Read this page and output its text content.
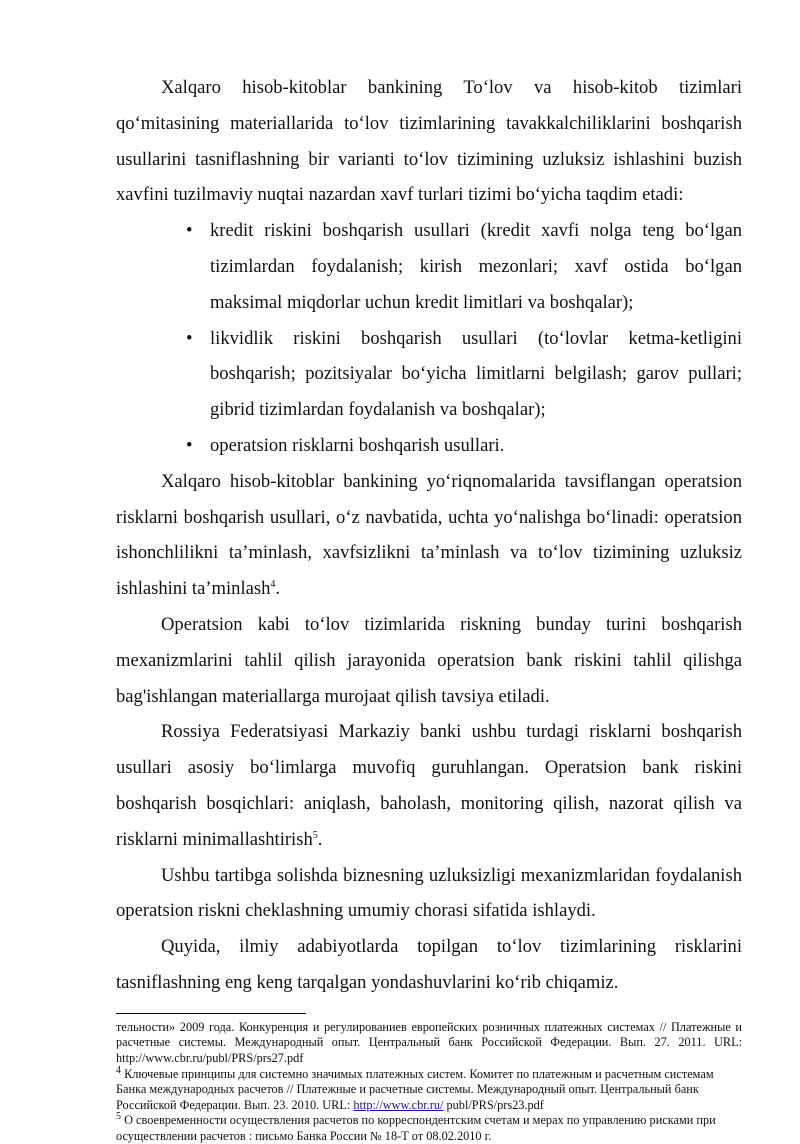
Xalqaro hisob-kitoblar bankining To‘lov va hisob-kitob tizimlari qo‘mitasining materiallarida to‘lov tizimlarining tavakkalchiliklarini boshqarish usullarini tasniflashning bir varianti to‘lov tizimining uzluksiz ishlashini buzish xavfini tuzilmaviy nuqtai nazardan xavf turlari tizimi bo‘yicha taqdim etadi:

• kredit riskini boshqarish usullari (kredit xavfi nolga teng bo‘lgan tizimlardan foydalanish; kirish mezonlari; xavf ostida bo‘lgan maksimal miqdorlar uchun kredit limitlari va boshqalar);
• likvidlik riskini boshqarish usullari (to‘lovlar ketma-ketligini boshqarish; pozitsiyalar bo‘yicha limitlarni belgilash; garov pullari; gibrid tizimlardan foydalanish va boshqalar);
• operatsion risklarni boshqarish usullari.

Xalqaro hisob-kitoblar bankining yo‘riqnomalarida tavsiflangan operatsion risklarni boshqarish usullari, o‘z navbatida, uchta yo‘nalishga bo‘linadi: operatsion ishonchlilikni ta’minlash, xavfsizlikni ta’minlash va to‘lov tizimining uzluksiz ishlashini ta’minlash$^4$.

Operatsion kabi to‘lov tizimlarida riskning bunday turini boshqarish mexanizmlarini tahlil qilish jarayonida operatsion bank riskini tahlil qilishga bag'ishlangan materiallarga murojaat qilish tavsiya etiladi.

Rossiya Federatsiyasi Markaziy banki ushbu turdagi risklarni boshqarish usullari asosiy bo‘limlarga muvofiq guruhlangan. Operatsion bank riskini boshqarish bosqichlari: aniqlash, baholash, monitoring qilish, nazorat qilish va risklarni minimallashtirish$^5$.

Ushbu tartibga solishda biznesning uzluksizligi mexanizmlaridan foydalanish operatsion riskni cheklashning umumiy chorasi sifatida ishlaydi.

Quyida, ilmiy adabiyotlarda topilgan to‘lov tizimlarining risklarini tasniflashning eng keng tarqalgan yondashuvlarini ko‘rib chiqamiz.

тельности» 2009 года. Конкуренция и регулированиев европейских розничных платежных системах // Платежные и расчетные системы. Международный опыт. Центральный банк Российской Федерации. Вып. 27. 2011. URL: http://www.cbr.ru/publ/PRS/prs27.pdf

$^4$ Ключевые принципы для системно значимых платежных систем. Комитет по платежным и расчетным системам Банка международных расчетов // Платежные и расчетные системы. Международный опыт. Центральный банк Российской Федерации. Вып. 23. 2010. URL: http://www.cbr.ru/ publ/PRS/prs23.pdf

$^5$ О своевременности осуществления расчетов по корреспондентским счетам и мерах по управлению рисками при осуществлении расчетов : письмо Банка России № 18-Т от 08.02.2010 г.
